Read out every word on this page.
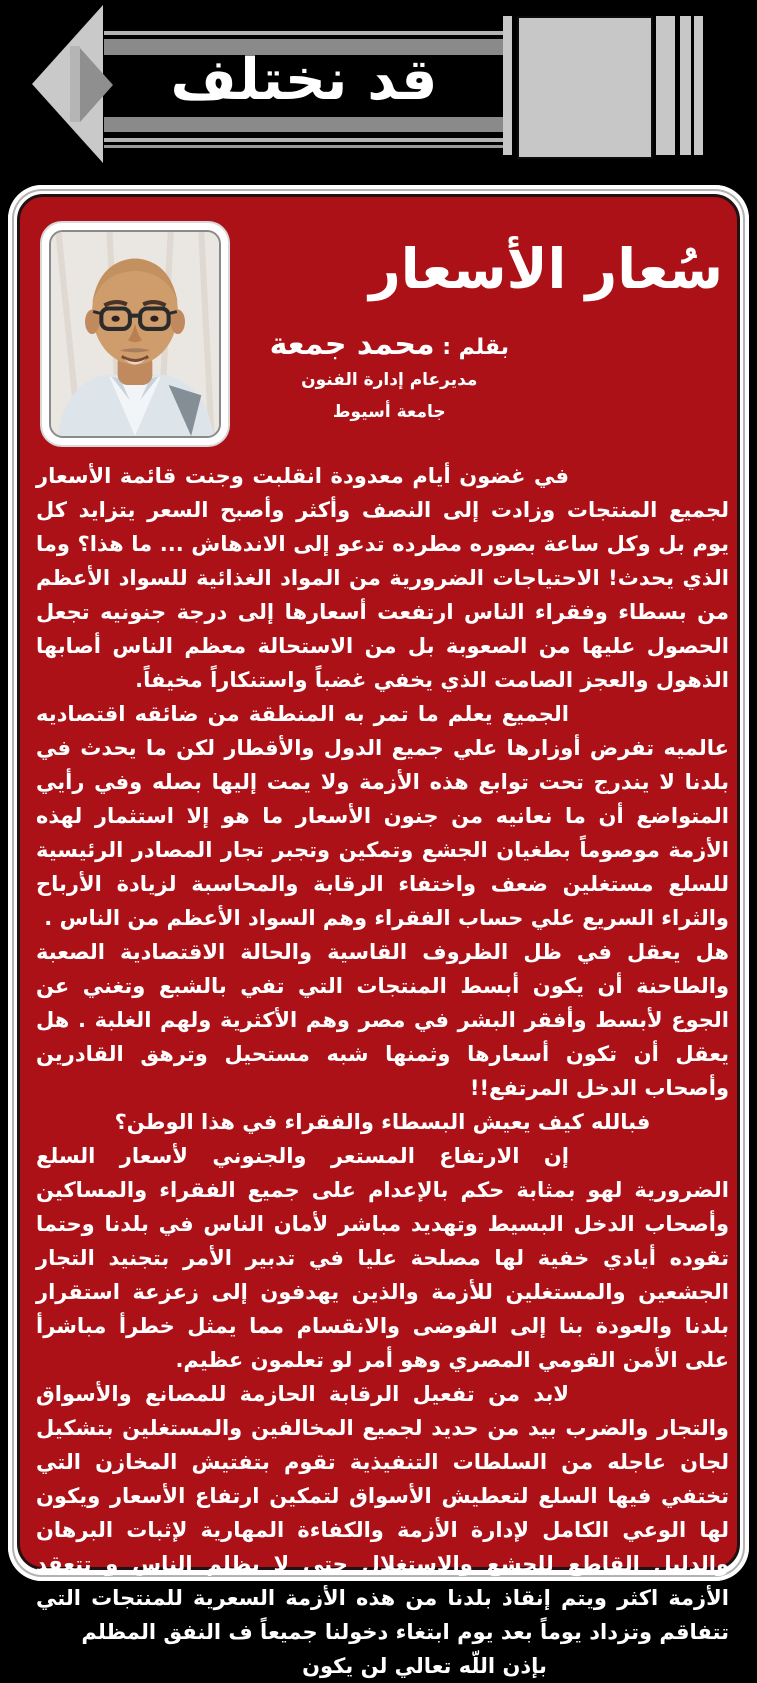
قد نختلف
سُعار الأسعار
بقلم : محمد جمعة
مديرعام إدارة الفنون
جامعة أسيوط

في غضون أيام معدودة انقلبت وجنت قائمة الأسعار لجميع المنتجات وزادت إلى النصف وأكثر وأصبح السعر يتزايد كل يوم بل وكل ساعة بصوره مطرده تدعو إلى الاندهاش ... ما هذا؟ وما الذي يحدث! الاحتياجات الضرورية من المواد الغذائية للسواد الأعظم من بسطاء وفقراء الناس ارتفعت أسعارها إلى درجة جنونيه تجعل الحصول عليها من الصعوبة بل من الاستحالة معظم الناس أصابها الذهول والعجز الصامت الذي يخفي غضباً واستنكاراً مخيفاً.

الجميع يعلم ما تمر به المنطقة من ضائقه اقتصاديه عالميه تفرض أوزارها علي جميع الدول والأقطار لكن ما يحدث في بلدنا لا يندرج تحت توابع هذه الأزمة ولا يمت إليها بصله وفي رأيي المتواضع أن ما نعانيه من جنون الأسعار ما هو إلا استثمار لهذه الأزمة موصوماً بطغيان الجشع وتمكين وتجبر تجار المصادر الرئيسية للسلع مستغلين ضعف واختفاء الرقابة والمحاسبة لزيادة الأرباح والثراء السريع علي حساب الفقراء وهم السواد الأعظم من الناس .

هل يعقل في ظل الظروف القاسية والحالة الاقتصادية الصعبة والطاحنة أن يكون أبسط المنتجات التي تفي بالشبع وتغني عن الجوع لأبسط وأفقر البشر في مصر وهم الأكثرية ولهم الغلبة . هل يعقل أن تكون أسعارها وثمنها شبه مستحيل وترهق القادرين وأصحاب الدخل المرتفع!!

فبالله كيف يعيش البسطاء والفقراء في هذا الوطن؟

إن الارتفاع المستعر والجنوني لأسعار السلع الضرورية لهو بمثابة حكم بالإعدام على جميع الفقراء والمساكين وأصحاب الدخل البسيط وتهديد مباشر لأمان الناس في بلدنا وحتما تقوده أيادي خفية لها مصلحة عليا في تدبير الأمر بتجنيد التجار الجشعين والمستغلين للأزمة والذين يهدفون إلى زعزعة استقرار بلدنا والعودة بنا إلى الفوضى والانقسام مما يمثل خطرأ مباشرأ على الأمن القومي المصري وهو أمر لو تعلمون عظيم.

لابد من تفعيل الرقابة الحازمة للمصانع والأسواق والتجار والضرب بيد من حديد لجميع المخالفين والمستغلين بتشكيل لجان عاجله من السلطات التنفيذية تقوم بتفتيش المخازن التي تختفي فيها السلع لتعطيش الأسواق لتمكين ارتفاع الأسعار ويكون لها الوعي الكامل لإدارة الأزمة والكفاءة المهارية لإثبات البرهان والدليل القاطع للجشع والاستغلال حتى لا يظلم الناس و تتعقد الأزمة اكثر ويتم إنقاذ بلدنا من هذه الأزمة السعرية للمنتجات التي تتفاقم وتزداد يوماً بعد يوم ابتغاء دخولنا جميعاً ف النفق المظلم

بإذن اللّه تعالي لن يكون
